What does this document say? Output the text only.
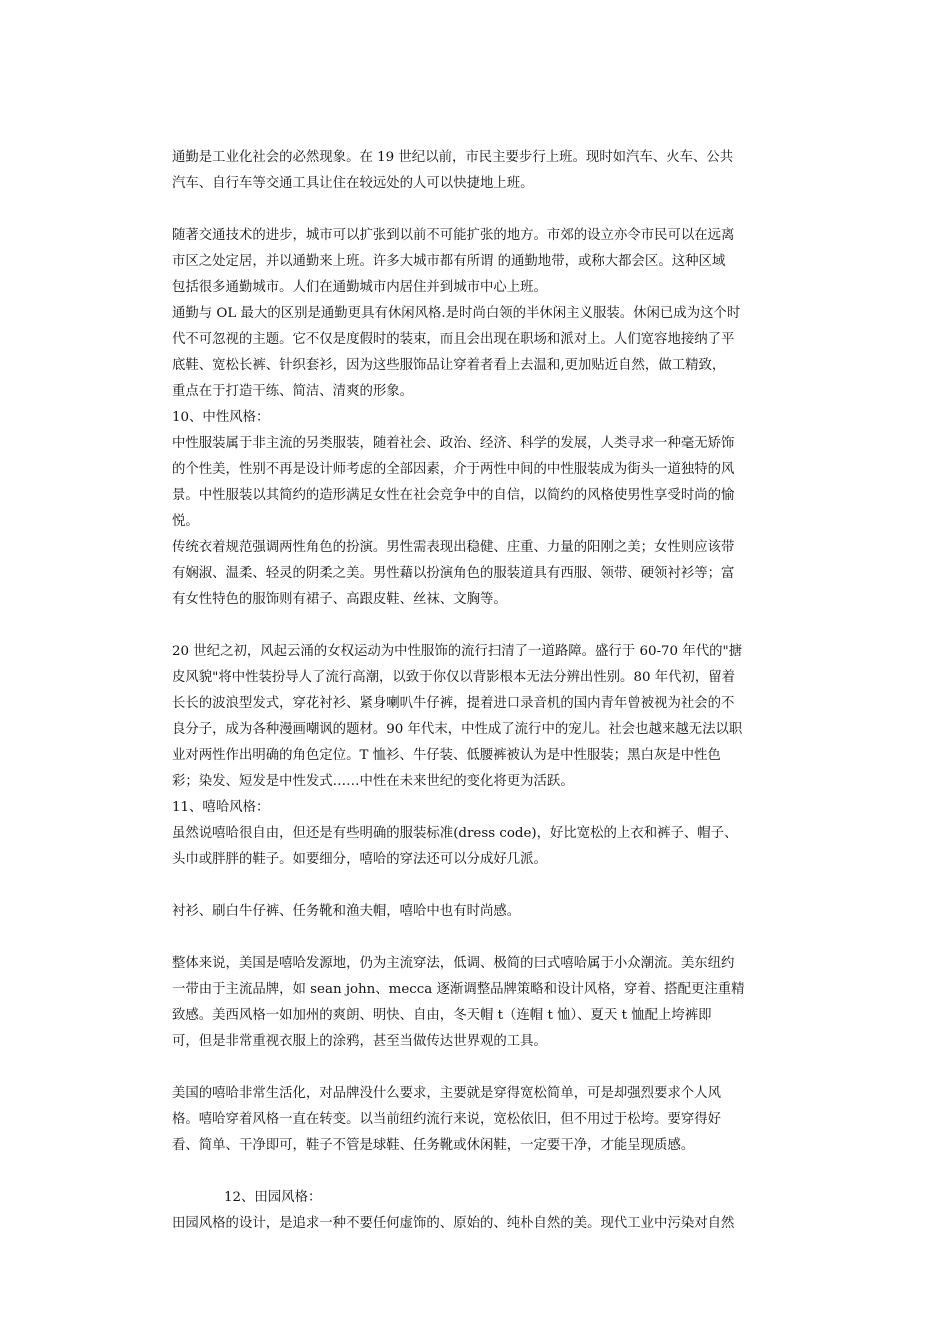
通勤是工业化社会的必然现象。在 19 世纪以前，市民主要步行上班。现时如汽车、火车、公共
汽车、自行车等交通工具让住在较远处的人可以快捷地上班。
随著交通技术的进步，城市可以扩张到以前不可能扩张的地方。市郊的设立亦令市民可以在远离
市区之处定居，并以通勤来上班。许多大城市都有所谓 的通勤地带，或称大都会区。这种区域
包括很多通勤城市。人们在通勤城市内居住并到城市中心上班。
通勤与 OL 最大的区别是通勤更具有休闲风格.是时尚白领的半休闲主义服装。休闲已成为这个时
代不可忽视的主题。它不仅是度假时的装束，而且会出现在职场和派对上。人们宽容地接纳了平
底鞋、宽松长裤、针织套衫，因为这些服饰品让穿着者看上去温和,更加贴近自然，做工精致，
重点在于打造干练、简洁、清爽的形象。
10、中性风格：
中性服装属于非主流的另类服装，随着社会、政治、经济、科学的发展，人类寻求一种毫无矫饰
的个性美，性别不再是设计师考虑的全部因素，介于两性中间的中性服装成为街头一道独特的风
景。中性服装以其简约的造形满足女性在社会竞争中的自信，以简约的风格使男性享受时尚的愉
悦。
传统衣着规范强调两性角色的扮演。男性需表现出稳健、庄重、力量的阳刚之美；女性则应该带
有娴淑、温柔、轻灵的阴柔之美。男性藉以扮演角色的服装道具有西服、领带、硬领衬衫等；富
有女性特色的服饰则有裙子、高跟皮鞋、丝袜、文胸等。
20 世纪之初，风起云涌的女权运动为中性服饰的流行扫清了一道路障。盛行于 60-70 年代的"搪
皮风貌"将中性装扮导人了流行高潮，以致于你仅以背影根本无法分辨出性别。80 年代初，留着
长长的波浪型发式，穿花衬衫、紧身喇叭牛仔裤，提着进口录音机的国内青年曾被视为社会的不
良分子，成为各种漫画嘲讽的题材。90 年代末，中性成了流行中的宠儿。社会也越来越无法以职
业对两性作出明确的角色定位。T 恤衫、牛仔装、低腰裤被认为是中性服装；黑白灰是中性色
彩；染发、短发是中性发式……中性在未来世纪的变化将更为活跃。
11、嘻哈风格：
虽然说嘻哈很自由，但还是有些明确的服装标准(dress code)，好比宽松的上衣和裤子、帽子、
头巾或胖胖的鞋子。如要细分，嘻哈的穿法还可以分成好几派。
衬衫、刷白牛仔裤、任务靴和渔夫帽，嘻哈中也有时尚感。
整体来说，美国是嘻哈发源地，仍为主流穿法，低调、极简的曰式嘻哈属于小众潮流。美东纽约
一带由于主流品牌，如 sean john、mecca 逐渐调整品牌策略和设计风格，穿着、搭配更注重精
致感。美西风格一如加州的爽朗、明快、自由，冬天帽 t（连帽 t 恤）、夏天 t 恤配上垮裤即
可，但是非常重视衣服上的涂鸦，甚至当做传达世界观的工具。
美国的嘻哈非常生活化，对品牌没什么要求，主要就是穿得宽松简单，可是却强烈要求个人风
格。嘻哈穿着风格一直在转变。以当前纽约流行来说，宽松依旧，但不用过于松垮。要穿得好
看、简单、干净即可，鞋子不管是球鞋、任务靴或休闲鞋，一定要干净，才能呈现质感。
12、田园风格：
田园风格的设计，是追求一种不要任何虚饰的、原始的、纯朴自然的美。现代工业中污染对自然
